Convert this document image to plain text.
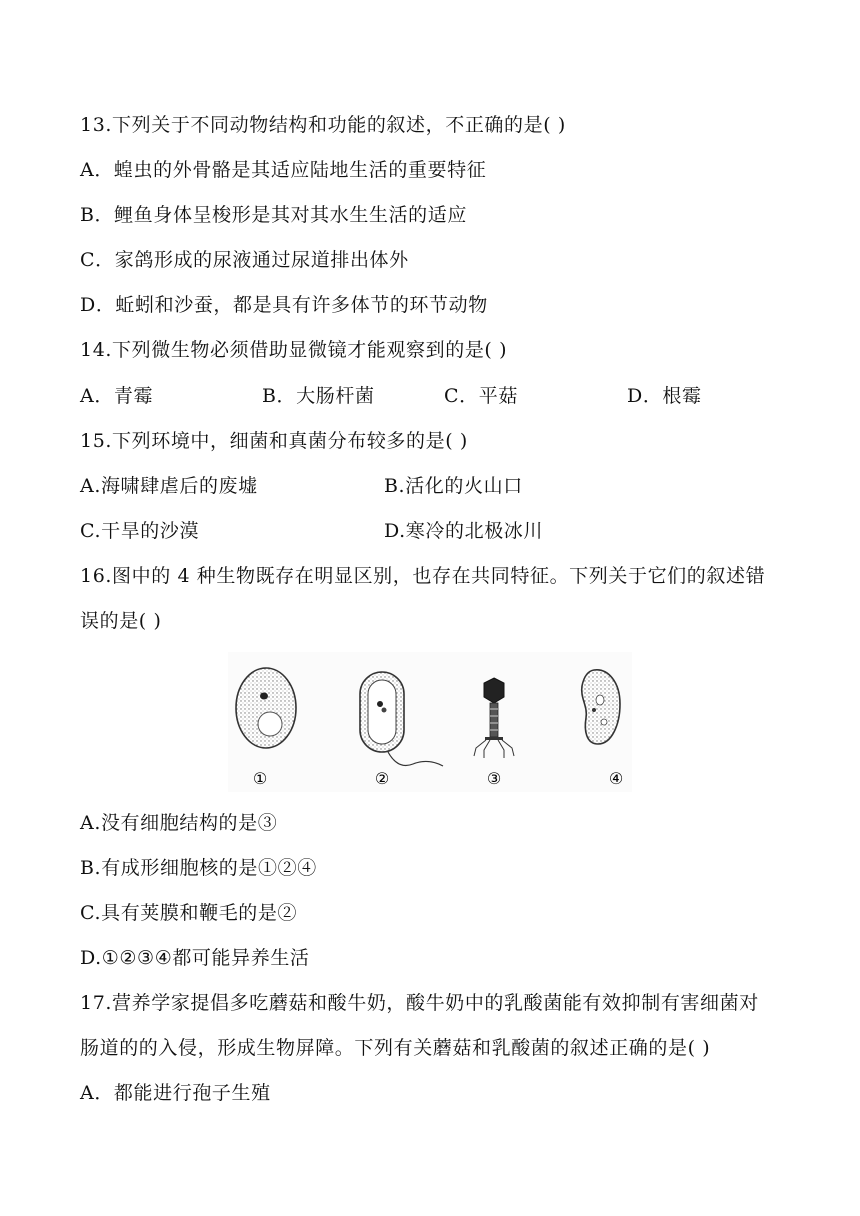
13.下列关于不同动物结构和功能的叙述，不正确的是( )
A．蝗虫的外骨骼是其适应陆地生活的重要特征
B．鲤鱼身体呈梭形是其对其水生生活的适应
C．家鸽形成的尿液通过尿道排出体外
D．蚯蚓和沙蚕，都是具有许多体节的环节动物
14.下列微生物必须借助显微镜才能观察到的是( )
A．青霉	B．大肠杆菌	C．平菇	D．根霉
15.下列环境中，细菌和真菌分布较多的是( )
A.海啸肆虐后的废墟	B.活化的火山口
C.干旱的沙漠	D.寒冷的北极冰川
16.图中的 4 种生物既存在明显区别，也存在共同特征。下列关于它们的叙述错
误的是( )
①	②	③	④
A.没有细胞结构的是③
B.有成形细胞核的是①②④
C.具有荚膜和鞭毛的是②
D.①②③④都可能异养生活
17.营养学家提倡多吃蘑菇和酸牛奶，酸牛奶中的乳酸菌能有效抑制有害细菌对
肠道的的入侵，形成生物屏障。下列有关蘑菇和乳酸菌的叙述正确的是( )
A．都能进行孢子生殖
